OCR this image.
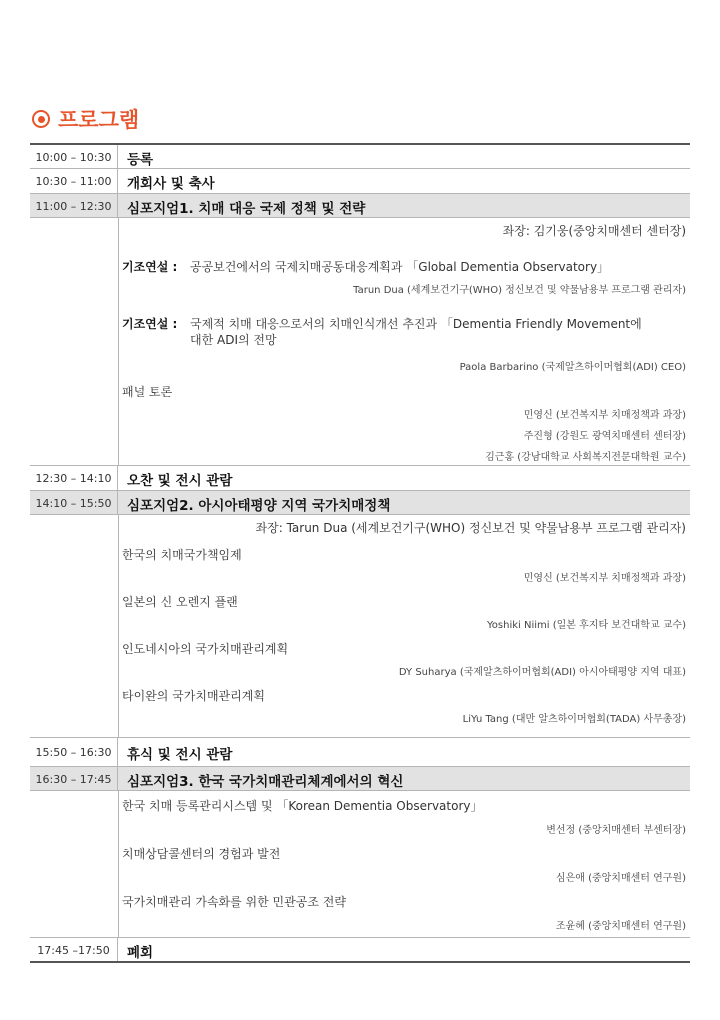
프로그램
10:00 – 10:30	등록
10:30 – 11:00	개회사 및 축사
11:00 – 12:30	심포지엄1. 치매 대응 국제 정책 및 전략
좌장: 김기웅(중앙치매센터 센터장)
기조연설 : 공공보건에서의 국제치매공동대응계획과 「Global Dementia Observatory」
Tarun Dua (세계보건기구(WHO) 정신보건 및 약물남용부 프로그램 관리자)
기조연설 : 국제적 치매 대응으로서의 치매인식개선 추진과 「Dementia Friendly Movement에
대한 ADI의 전망
Paola Barbarino (국제알츠하이머협회(ADI) CEO)
패널 토론
민영신 (보건복지부 치매정책과 과장)
주진형 (강원도 광역치매센터 센터장)
김근홍 (강남대학교 사회복지전문대학원 교수)
12:30 – 14:10	오찬 및 전시 관람
14:10 – 15:50	심포지엄2. 아시아태평양 지역 국가치매정책
좌장: Tarun Dua (세계보건기구(WHO) 정신보건 및 약물남용부 프로그램 관리자)
한국의 치매국가책임제
민영신 (보건복지부 치매정책과 과장)
일본의 신 오렌지 플랜
Yoshiki Niimi (일본 후지타 보건대학교 교수)
인도네시아의 국가치매관리계획
DY Suharya (국제알츠하이머협회(ADI) 아시아태평양 지역 대표)
타이완의 국가치매관리계획
LiYu Tang (대만 알츠하이머협회(TADA) 사무총장)
15:50 – 16:30	휴식 및 전시 관람
16:30 – 17:45	심포지엄3. 한국 국가치매관리체계에서의 혁신
한국 치매 등록관리시스템 및 「Korean Dementia Observatory」
변선정 (중앙치매센터 부센터장)
치매상담콜센터의 경험과 발전
심은애 (중앙치매센터 연구원)
국가치매관리 가속화를 위한 민관공조 전략
조윤혜 (중앙치매센터 연구원)
17:45 –17:50	폐회
